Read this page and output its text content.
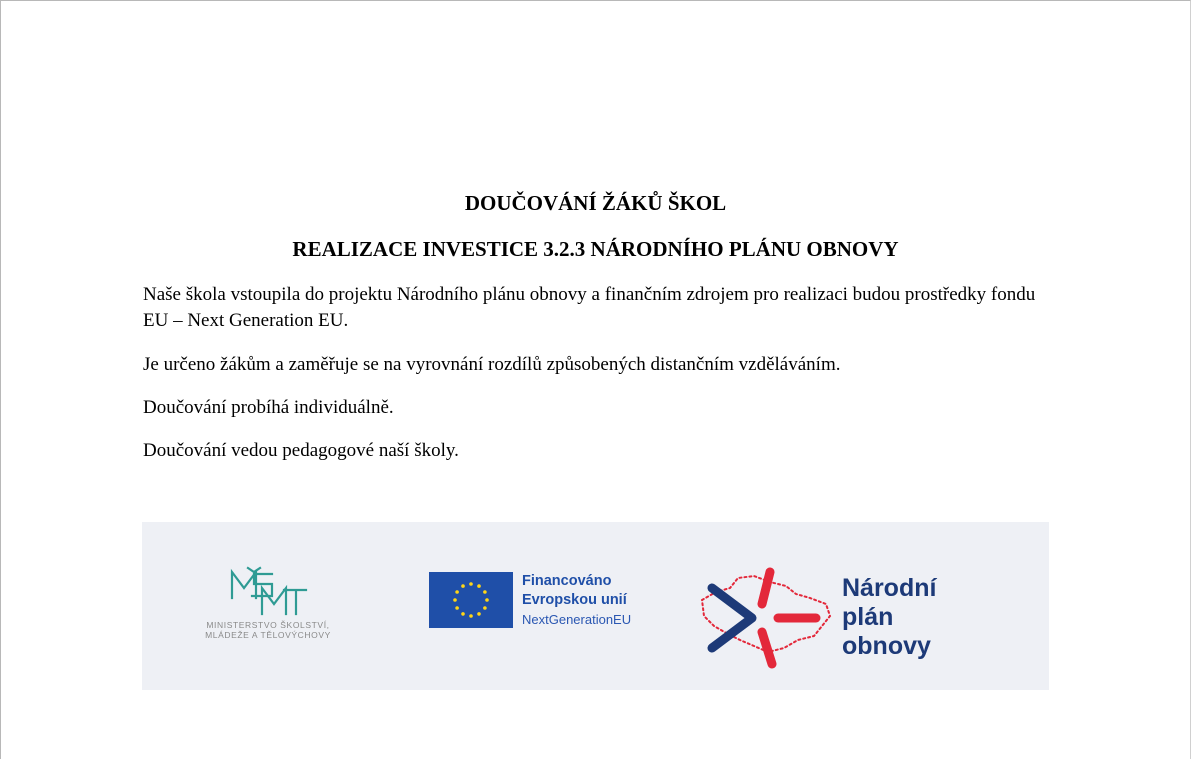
DOUČOVÁNÍ ŽÁKŮ ŠKOL
REALIZACE INVESTICE 3.2.3 NÁRODNÍHO PLÁNU OBNOVY

Naše škola vstoupila do projektu Národního plánu obnovy a finančním zdrojem pro realizaci budou prostředky fondu EU – Next Generation EU.

Je určeno žákům a zaměřuje se na vyrovnání rozdílů způsobených distančním vzděláváním.

Doučování probíhá individuálně.

Doučování vedou pedagogové naší školy.

MINISTERSTVO ŠKOLSTVÍ,
MLÁDEŽE A TĚLOVÝCHOVY
Financováno
Evropskou unií
NextGenerationEU
Národní
plán
obnovy
